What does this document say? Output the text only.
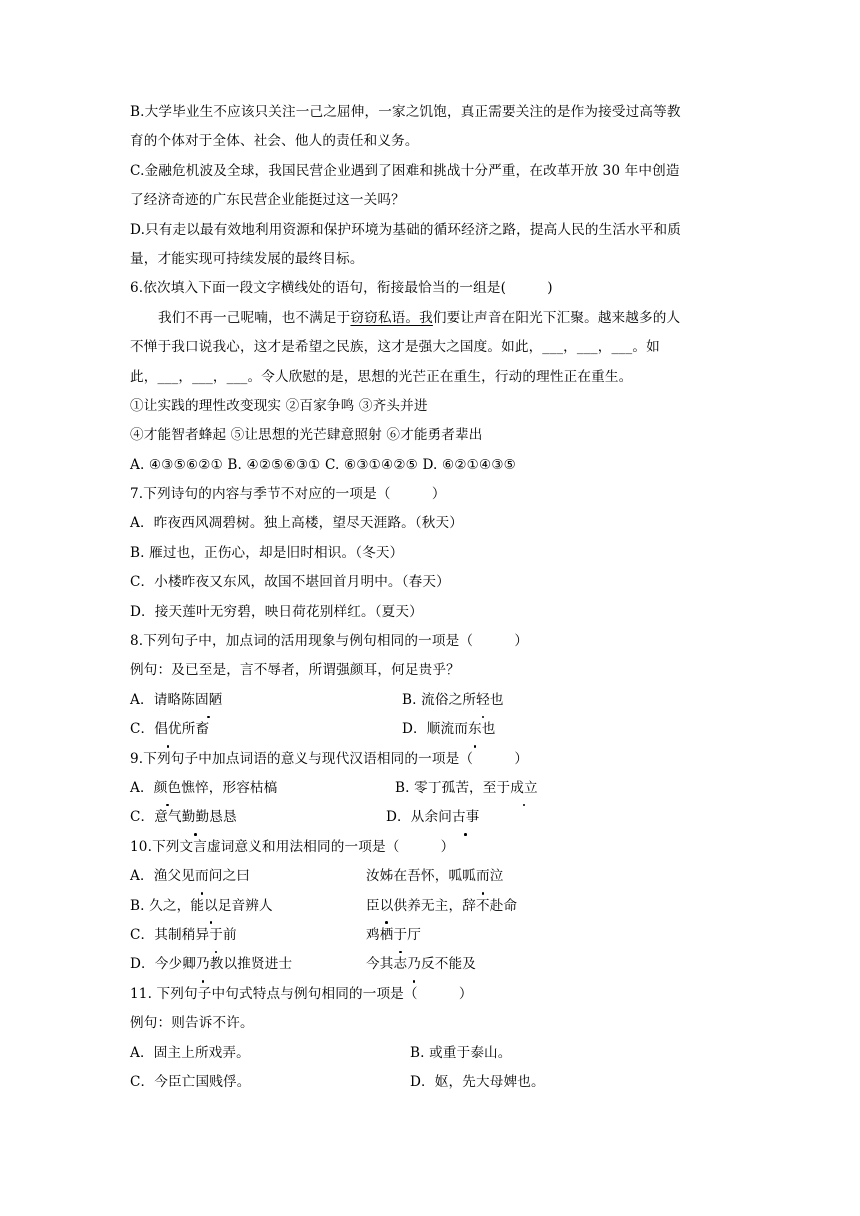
B.大学毕业生不应该只关注一己之屈伸，一家之饥饱，真正需要关注的是作为接受过高等教
育的个体对于全体、社会、他人的责任和义务。
C.金融危机波及全球，我国民营企业遇到了困难和挑战十分严重，在改革开放 30 年中创造
了经济奇迹的广东民营企业能挺过这一关吗？
D.只有走以最有效地利用资源和保护环境为基础的循环经济之路，提高人民的生活水平和质
量，才能实现可持续发展的最终目标。
6.依次填入下面一段文字横线处的语句，衔接最恰当的一组是(　　　)
我们不再一己呢喃，也不满足于窃窃私语。我们要让声音在阳光下汇聚。越来越多的人
不惮于我口说我心，这才是希望之民族，这才是强大之国度。如此，___，___，___。如
此，___，___，___。令人欣慰的是，思想的光芒正在重生，行动的理性正在重生。
①让实践的理性改变现实 ②百家争鸣 ③齐头并进
④才能智者蜂起 ⑤让思想的光芒肆意照射 ⑥才能勇者辈出
A. ④③⑤⑥②① B. ④②⑤⑥③① C. ⑥③①④②⑤ D. ⑥②①④③⑤
7.下列诗句的内容与季节不对应的一项是（　　　）
A．昨夜西风凋碧树。独上高楼，望尽天涯路。（秋天）
B. 雁过也，正伤心，却是旧时相识。（冬天）
C．小楼昨夜又东风，故国不堪回首月明中。（春天）
D．接天莲叶无穷碧，映日荷花别样红。（夏天）
8.下列句子中，加点词的活用现象与例句相同的一项是（　　　）
例句：及已至是，言不辱者，所谓强颜耳，何足贵乎？
A．请略陈固陋	B. 流俗之所轻也
C．倡优所畜	D．顺流而东也
9.下列句子中加点词语的意义与现代汉语相同的一项是（　　　）
A．颜色憔悴，形容枯槁	B. 零丁孤苦，至于成立
C．意气勤勤恳恳	D．从余问古事
10.下列文言虚词意义和用法相同的一项是（　　　）
A．渔父见而问之曰	汝姊在吾怀，呱呱而泣
B. 久之，能以足音辨人	臣以供养无主，辞不赴命
C．其制稍异于前	鸡栖于厅
D．今少卿乃教以推贤进士	今其志乃反不能及
11. 下列句子中句式特点与例句相同的一项是（　　　）
例句：则告诉不许。
A．固主上所戏弄。	B. 或重于泰山。
C．今臣亡国贱俘。	D．妪，先大母婢也。
